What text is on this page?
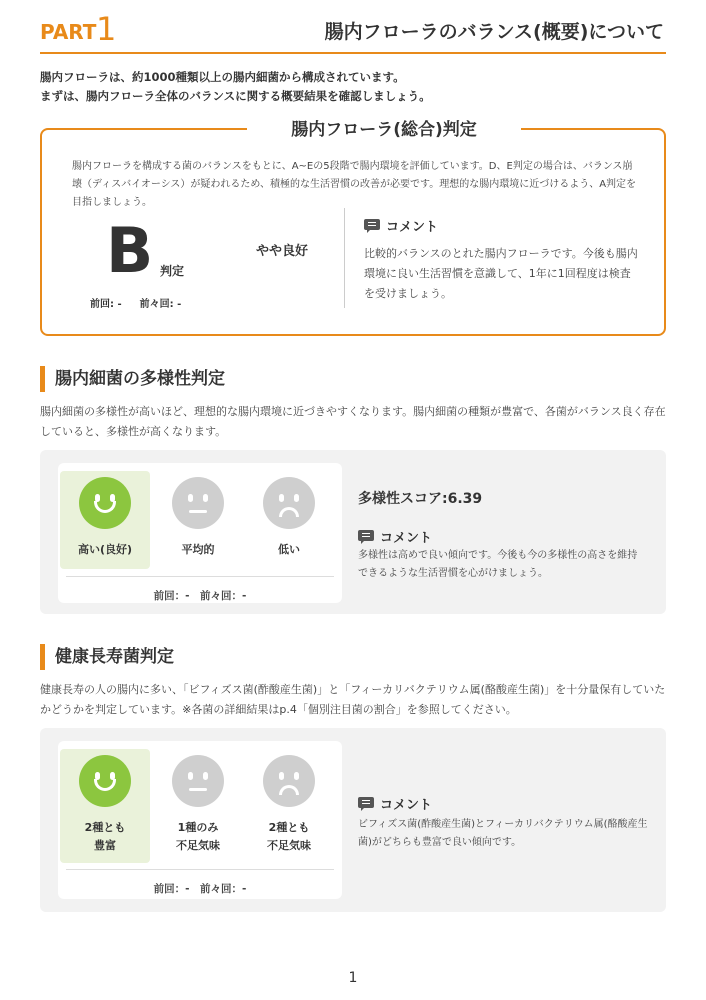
PART 1	腸内フローラのバランス(概要)について
腸内フローラは、約1000種類以上の腸内細菌から構成されています。
まずは、腸内フローラ全体のバランスに関する概要結果を確認しましょう。
腸内フローラ(総合)判定
腸内フローラを構成する菌のバランスをもとに、A~Eの5段階で腸内環境を評価しています。D、E判定の場合は、バランス崩壊（ディスバイオーシス）が疑われるため、積極的な生活習慣の改善が必要です。理想的な腸内環境に近づけるよう、A判定を目指しましょう。
B 判定
やや良好
前回: - 前々回: -
コメント
比較的バランスのとれた腸内フローラです。今後も腸内環境に良い生活習慣を意識して、1年に1回程度は検査を受けましょう。
腸内細菌の多様性判定
腸内細菌の多様性が高いほど、理想的な腸内環境に近づきやすくなります。腸内細菌の種類が豊富で、各菌がバランス良く存在していると、多様性が高くなります。
高い(良好)	平均的	低い
前回：-　前々回：-
多様性スコア:6.39
コメント
多様性は高めで良い傾向です。今後も今の多様性の高さを維持できるような生活習慣を心がけましょう。
健康長寿菌判定
健康長寿の人の腸内に多い、「ビフィズス菌(酢酸産生菌)」と「フィーカリバクテリウム属(酪酸産生菌)」を十分量保有していたかどうかを判定しています。※各菌の詳細結果はp.4「個別注目菌の割合」を参照してください。
2種とも
豊富
1種のみ
不足気味
2種とも
不足気味
前回：-　前々回：-
コメント
ビフィズス菌(酢酸産生菌)とフィーカリバクテリウム属(酪酸産生菌)がどちらも豊富で良い傾向です。
1
